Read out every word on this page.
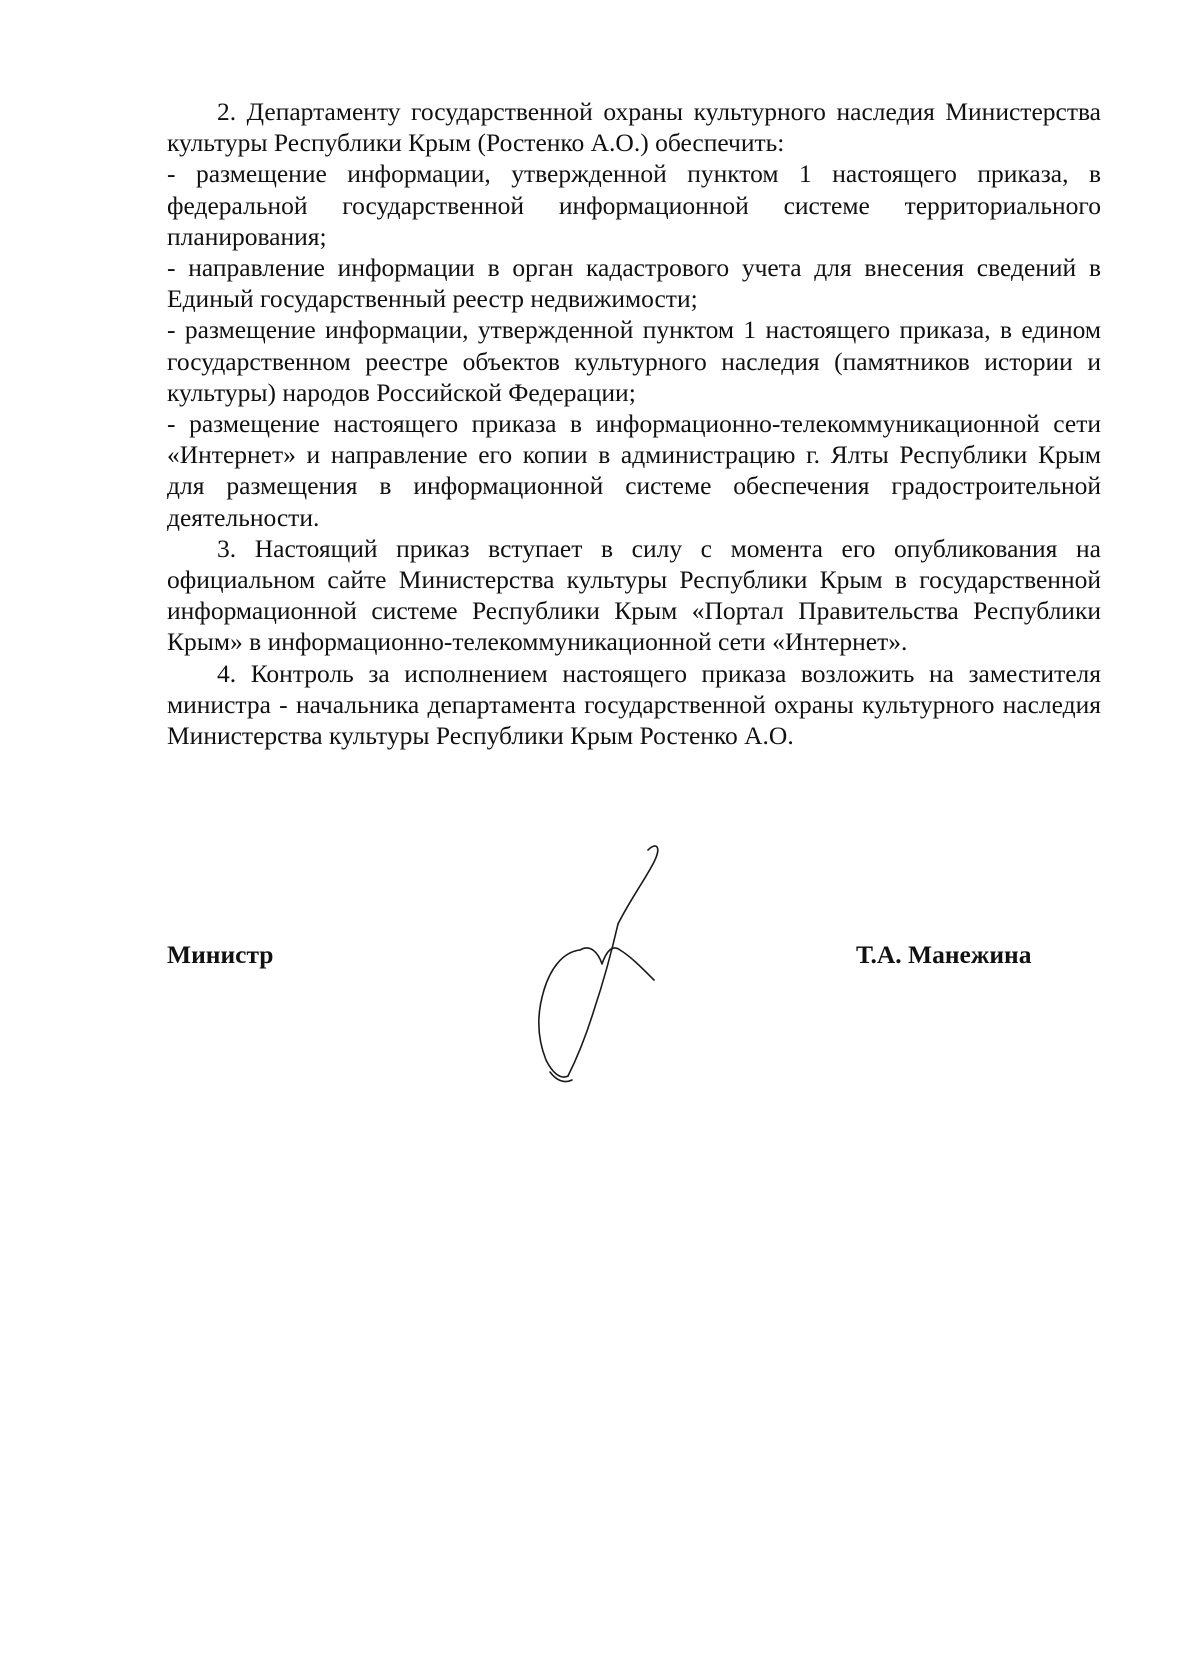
2. Департаменту государственной охраны культурного наследия Министерства культуры Республики Крым (Ростенко А.О.) обеспечить:

- размещение информации, утвержденной пунктом 1 настоящего приказа, в федеральной государственной информационной системе территориального планирования;

- направление информации в орган кадастрового учета для внесения сведений в Единый государственный реестр недвижимости;

- размещение информации, утвержденной пунктом 1 настоящего приказа, в едином государственном реестре объектов культурного наследия (памятников истории и культуры) народов Российской Федерации;

- размещение настоящего приказа в информационно-телекоммуникационной сети «Интернет» и направление его копии в администрацию г. Ялты Республики Крым для размещения в информационной системе обеспечения градостроительной деятельности.

3. Настоящий приказ вступает в силу с момента его опубликования на официальном сайте Министерства культуры Республики Крым в государственной информационной системе Республики Крым «Портал Правительства Республики Крым» в информационно-телекоммуникационной сети «Интернет».

4. Контроль за исполнением настоящего приказа возложить на заместителя министра - начальника департамента государственной охраны культурного наследия Министерства культуры Республики Крым Ростенко А.О.

Министр	Т.А. Манежина
